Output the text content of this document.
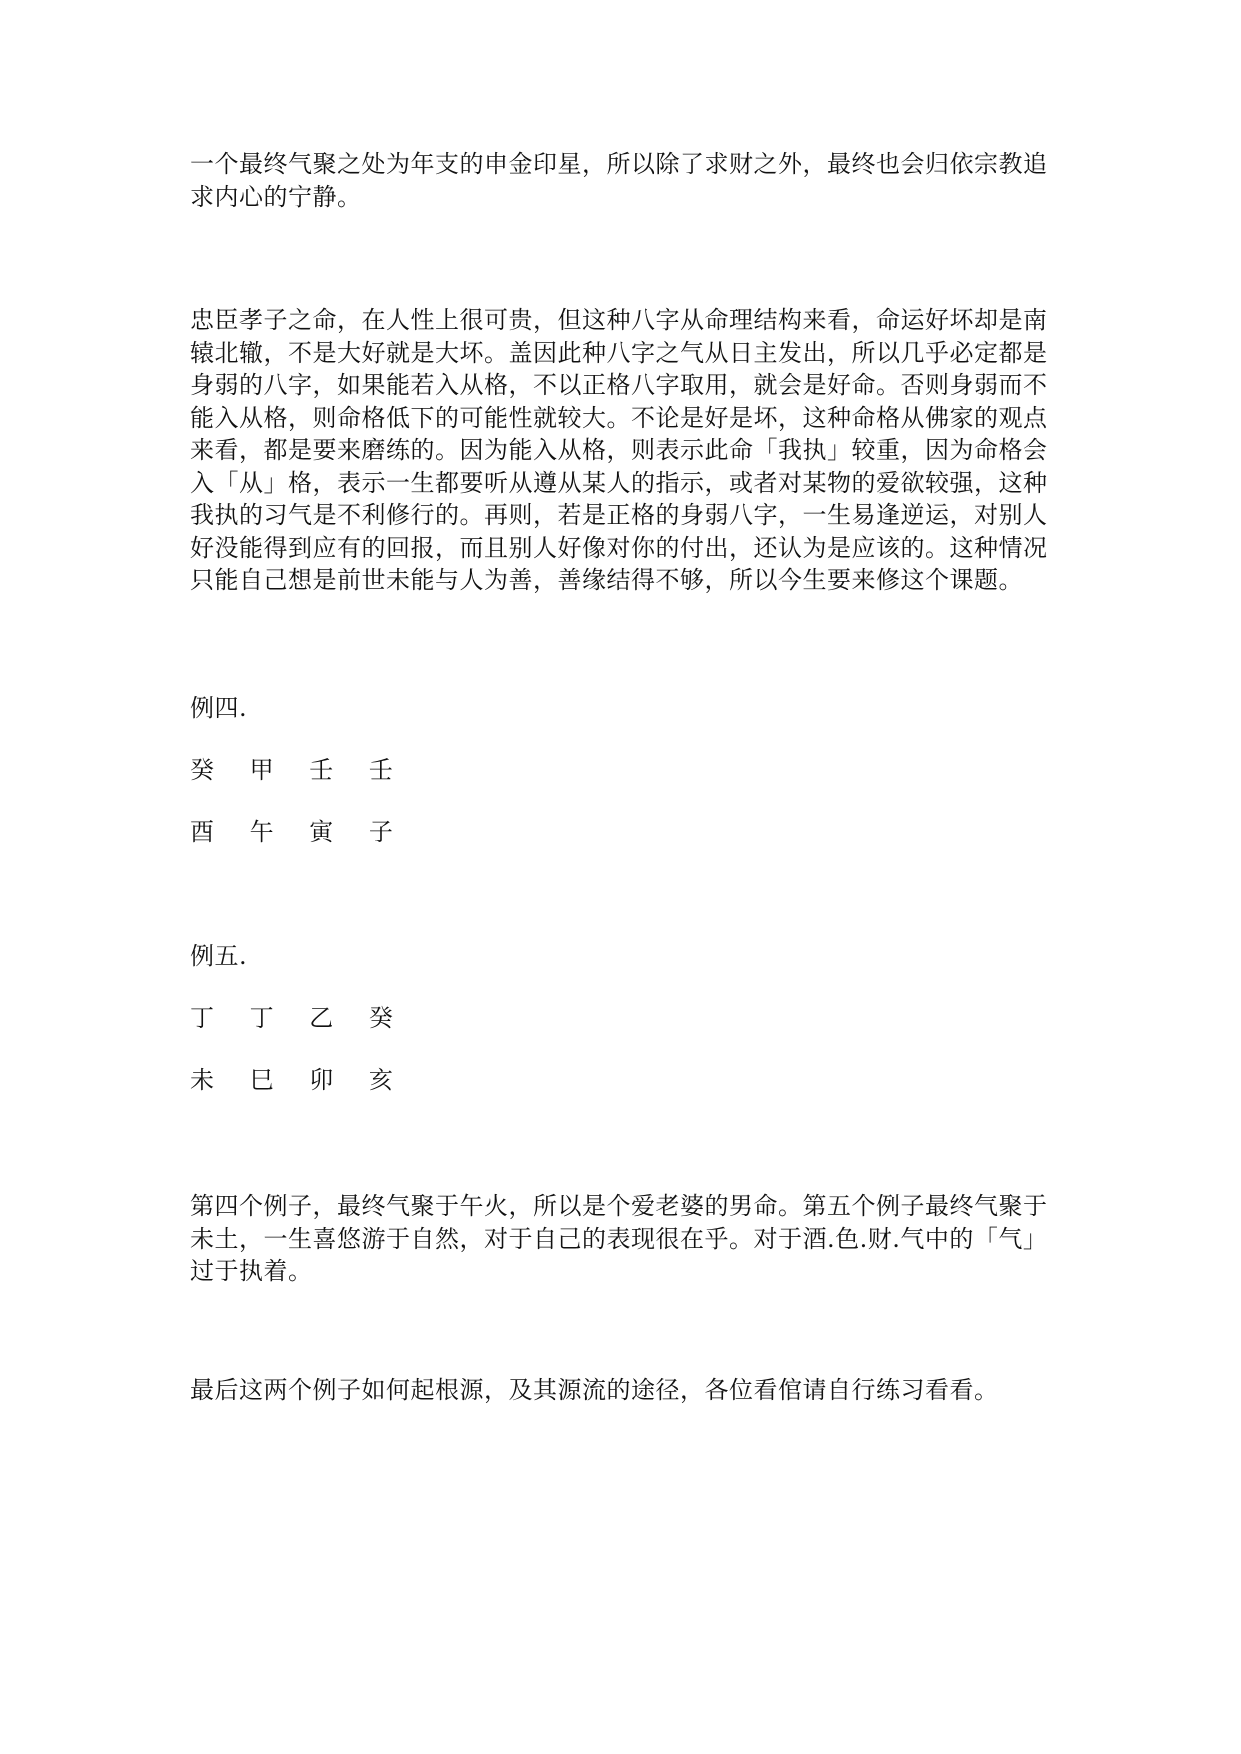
一个最终气聚之处为年支的申金印星，所以除了求财之外，最终也会归依宗教追求内心的宁静。

忠臣孝子之命，在人性上很可贵，但这种八字从命理结构来看，命运好坏却是南辕北辙，不是大好就是大坏。盖因此种八字之气从日主发出，所以几乎必定都是身弱的八字，如果能若入从格，不以正格八字取用，就会是好命。否则身弱而不能入从格，则命格低下的可能性就较大。不论是好是坏，这种命格从佛家的观点来看，都是要来磨练的。因为能入从格，则表示此命「我执」较重，因为命格会入「从」格，表示一生都要听从遵从某人的指示，或者对某物的爱欲较强，这种我执的习气是不利修行的。再则，若是正格的身弱八字，一生易逢逆运，对别人好没能得到应有的回报，而且别人好像对你的付出，还认为是应该的。这种情况只能自己想是前世未能与人为善，善缘结得不够，所以今生要来修这个课题。

例四.

癸 甲 壬 壬

酉 午 寅 子

例五.

丁 丁 乙 癸

未 巳 卯 亥

第四个例子，最终气聚于午火，所以是个爱老婆的男命。第五个例子最终气聚于未土，一生喜悠游于自然，对于自己的表现很在乎。对于酒.色.财.气中的「气」过于执着。

最后这两个例子如何起根源，及其源流的途径，各位看倌请自行练习看看。
